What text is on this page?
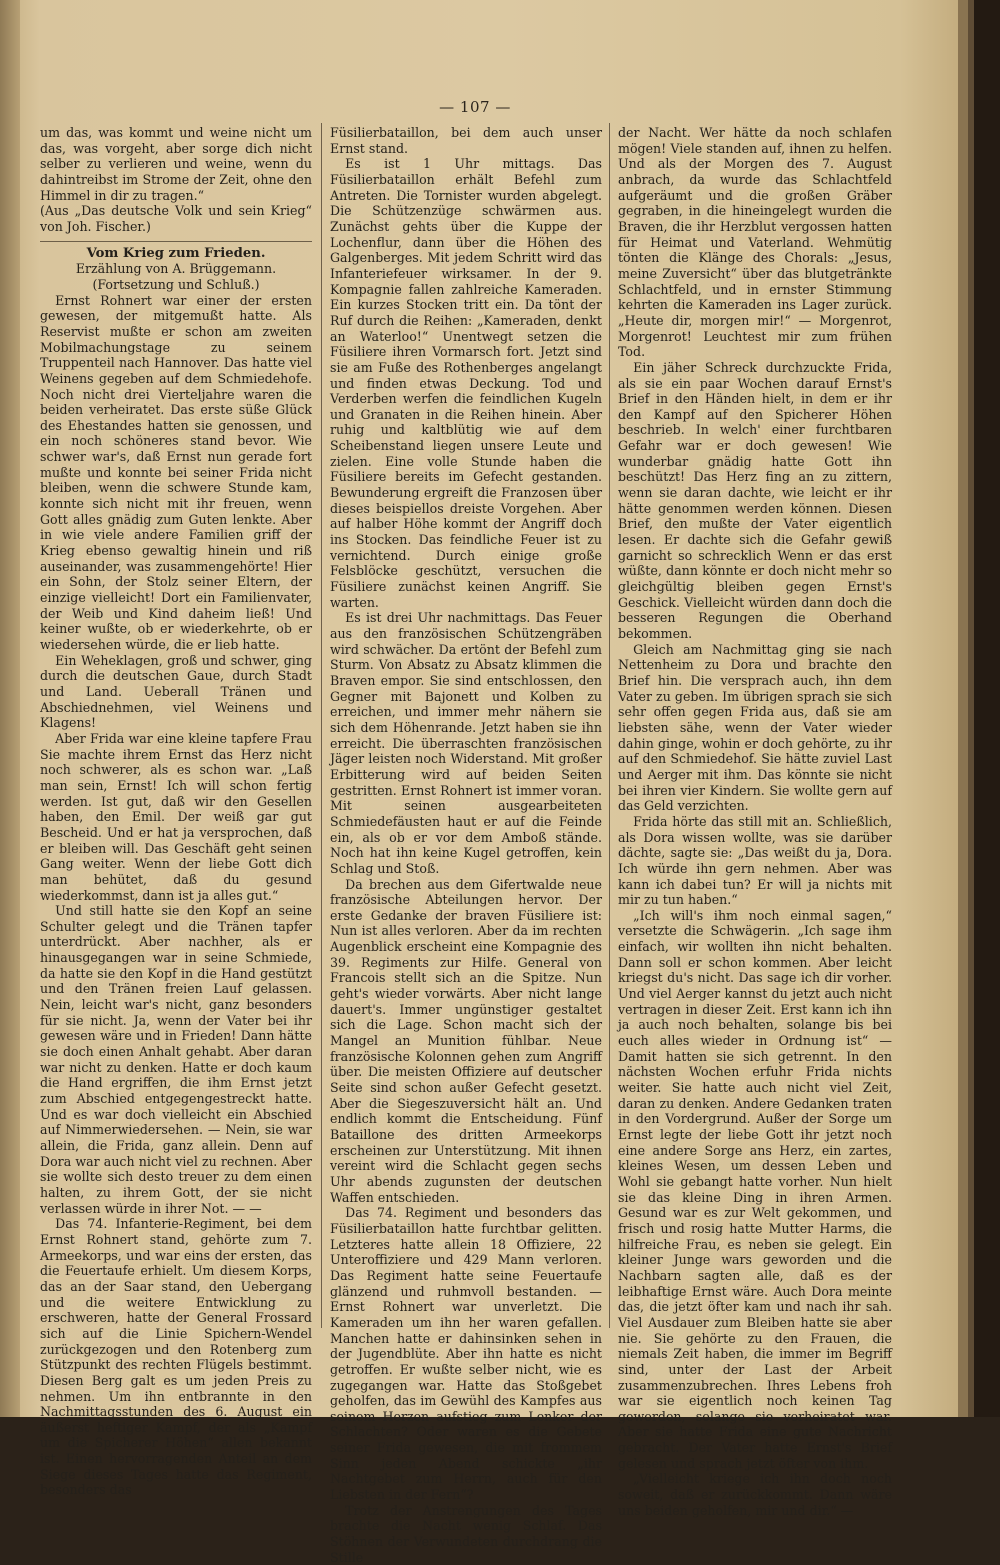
— 107 —

um das, was kommt und weine nicht um das, was vorgeht, aber sorge dich nicht selber zu verlieren und weine, wenn du dahintreibst im Strome der Zeit, ohne den Himmel in dir zu tragen.“

(Aus „Das deutsche Volk und sein Krieg“ von Joh. Fischer.)

Vom Krieg zum Frieden.

Erzählung von A. Brüggemann.

(Fortsetzung und Schluß.)

Ernst Rohnert war einer der ersten gewesen, der mitgemußt hatte. Als Reservist mußte er schon am zweiten Mobilmachungstage zu seinem Truppenteil nach Hannover. Das hatte viel Weinens gegeben auf dem Schmiedehofe. Noch nicht drei Vierteljahre waren die beiden verheiratet. Das erste süße Glück des Ehestandes hatten sie genossen, und ein noch schöneres stand bevor. Wie schwer war's, daß Ernst nun gerade fort mußte und konnte bei seiner Frida nicht bleiben, wenn die schwere Stunde kam, konnte sich nicht mit ihr freuen, wenn Gott alles gnädig zum Guten lenkte. Aber in wie viele andere Familien griff der Krieg ebenso gewaltig hinein und riß auseinander, was zusammengehörte! Hier ein Sohn, der Stolz seiner Eltern, der einzige vielleicht! Dort ein Familienvater, der Weib und Kind daheim ließ! Und keiner wußte, ob er wiederkehrte, ob er wiedersehen würde, die er lieb hatte.

Ein Weheklagen, groß und schwer, ging durch die deutschen Gaue, durch Stadt und Land. Ueberall Tränen und Abschiednehmen, viel Weinens und Klagens!

Aber Frida war eine kleine tapfere Frau Sie machte ihrem Ernst das Herz nicht noch schwerer, als es schon war. „Laß man sein, Ernst! Ich will schon fertig werden. Ist gut, daß wir den Gesellen haben, den Emil. Der weiß gar gut Bescheid. Und er hat ja versprochen, daß er bleiben will. Das Geschäft geht seinen Gang weiter. Wenn der liebe Gott dich man behütet, daß du gesund wiederkommst, dann ist ja alles gut.“

Und still hatte sie den Kopf an seine Schulter gelegt und die Tränen tapfer unterdrückt. Aber nachher, als er hinausgegangen war in seine Schmiede, da hatte sie den Kopf in die Hand gestützt und den Tränen freien Lauf gelassen. Nein, leicht war's nicht, ganz besonders für sie nicht. Ja, wenn der Vater bei ihr gewesen wäre und in Frieden! Dann hätte sie doch einen Anhalt gehabt. Aber daran war nicht zu denken. Hatte er doch kaum die Hand ergriffen, die ihm Ernst jetzt zum Abschied entgegengestreckt hatte. Und es war doch vielleicht ein Abschied auf Nimmerwiedersehen. — Nein, sie war allein, die Frida, ganz allein. Denn auf Dora war auch nicht viel zu rechnen. Aber sie wollte sich desto treuer zu dem einen halten, zu ihrem Gott, der sie nicht verlassen würde in ihrer Not. — —

Das 74. Infanterie-Regiment, bei dem Ernst Rohnert stand, gehörte zum 7. Armeekorps, und war eins der ersten, das die Feuertaufe erhielt. Um diesem Korps, das an der Saar stand, den Uebergang und die weitere Entwicklung zu erschweren, hatte der General Frossard sich auf die Linie Spichern-Wendel zurückgezogen und den Rotenberg zum Stützpunkt des rechten Flügels bestimmt. Diesen Berg galt es um jeden Preis zu nehmen. Um ihn entbrannte in den Nachmittagsstunden des 6. August ein äußerst heftiger Kampf, der als „Kampf um die Spicherer Höhen“ allen bekannt ist. Einen hervorragenden Anteil an dem Siege dieses Tages hatte das Regiment, besonders das

Füsilierbataillon, bei dem auch unser Ernst stand.

Es ist 1 Uhr mittags. Das Füsilierbataillon erhält Befehl zum Antreten. Die Tornister wurden abgelegt. Die Schützenzüge schwärmen aus. Zunächst gehts über die Kuppe der Lochenflur, dann über die Höhen des Galgenberges. Mit jedem Schritt wird das Infanteriefeuer wirksamer. In der 9. Kompagnie fallen zahlreiche Kameraden. Ein kurzes Stocken tritt ein. Da tönt der Ruf durch die Reihen: „Kameraden, denkt an Waterloo!“ Unentwegt setzen die Füsiliere ihren Vormarsch fort. Jetzt sind sie am Fuße des Rothenberges angelangt und finden etwas Deckung. Tod und Verderben werfen die feindlichen Kugeln und Granaten in die Reihen hinein. Aber ruhig und kaltblütig wie auf dem Scheibenstand liegen unsere Leute und zielen. Eine volle Stunde haben die Füsiliere bereits im Gefecht gestanden. Bewunderung ergreift die Franzosen über dieses beispiellos dreiste Vorgehen. Aber auf halber Höhe kommt der Angriff doch ins Stocken. Das feindliche Feuer ist zu vernichtend. Durch einige große Felsblöcke geschützt, versuchen die Füsiliere zunächst keinen Angriff. Sie warten.

Es ist drei Uhr nachmittags. Das Feuer aus den französischen Schützengräben wird schwächer. Da ertönt der Befehl zum Sturm. Von Absatz zu Absatz klimmen die Braven empor. Sie sind entschlossen, den Gegner mit Bajonett und Kolben zu erreichen, und immer mehr nähern sie sich dem Höhenrande. Jetzt haben sie ihn erreicht. Die überraschten französischen Jäger leisten noch Widerstand. Mit großer Erbitterung wird auf beiden Seiten gestritten. Ernst Rohnert ist immer voran. Mit seinen ausgearbeiteten Schmiedefäusten haut er auf die Feinde ein, als ob er vor dem Amboß stände. Noch hat ihn keine Kugel getroffen, kein Schlag und Stoß.

Da brechen aus dem Gifertwalde neue französische Abteilungen hervor. Der erste Gedanke der braven Füsiliere ist: Nun ist alles verloren. Aber da im rechten Augenblick erscheint eine Kompagnie des 39. Regiments zur Hilfe. General von Francois stellt sich an die Spitze. Nun geht's wieder vorwärts. Aber nicht lange dauert's. Immer ungünstiger gestaltet sich die Lage. Schon macht sich der Mangel an Munition fühlbar. Neue französische Kolonnen gehen zum Angriff über. Die meisten Offiziere auf deutscher Seite sind schon außer Gefecht gesetzt. Aber die Siegeszuversicht hält an. Und endlich kommt die Entscheidung. Fünf Bataillone des dritten Armeekorps erscheinen zur Unterstützung. Mit ihnen vereint wird die Schlacht gegen sechs Uhr abends zugunsten der deutschen Waffen entschieden.

Das 74. Regiment und besonders das Füsilierbataillon hatte furchtbar gelitten. Letzteres hatte allein 18 Offiziere, 22 Unteroffiziere und 429 Mann verloren. Das Regiment hatte seine Feuertaufe glänzend und ruhmvoll bestanden. — Ernst Rohnert war unverletzt. Die Kameraden um ihn her waren gefallen. Manchen hatte er dahinsinken sehen in der Jugendblüte. Aber ihn hatte es nicht getroffen. Er wußte selber nicht, wie es zugegangen war. Hatte das Stoßgebet geholfen, das im Gewühl des Kampfes aus seinem Herzen aufstieg zum Lenker der Schlachten? Oder waren es die Gebete seiner Frida gewesen, die mit frommem Sinn jeden Abend schickte „ihr Nachtgebet zum Herrn, auch für den Liebsten in der Fern“?

Trotz der Anstrengungen des Tages brachte die Nacht wenig Schlaf. Das Stöhnen der Verwundeten durchdrang die Stille

der Nacht. Wer hätte da noch schlafen mögen! Viele standen auf, ihnen zu helfen. Und als der Morgen des 7. August anbrach, da wurde das Schlachtfeld aufgeräumt und die großen Gräber gegraben, in die hineingelegt wurden die Braven, die ihr Herzblut vergossen hatten für Heimat und Vaterland. Wehmütig tönten die Klänge des Chorals: „Jesus, meine Zuversicht“ über das blutgetränkte Schlachtfeld, und in ernster Stimmung kehrten die Kameraden ins Lager zurück. „Heute dir, morgen mir!“ — Morgenrot, Morgenrot! Leuchtest mir zum frühen Tod.

Ein jäher Schreck durchzuckte Frida, als sie ein paar Wochen darauf Ernst's Brief in den Händen hielt, in dem er ihr den Kampf auf den Spicherer Höhen beschrieb. In welch' einer furchtbaren Gefahr war er doch gewesen! Wie wunderbar gnädig hatte Gott ihn beschützt! Das Herz fing an zu zittern, wenn sie daran dachte, wie leicht er ihr hätte genommen werden können. Diesen Brief, den mußte der Vater eigentlich lesen. Er dachte sich die Gefahr gewiß garnicht so schrecklich Wenn er das erst wüßte, dann könnte er doch nicht mehr so gleichgültig bleiben gegen Ernst's Geschick. Vielleicht würden dann doch die besseren Regungen die Oberhand bekommen.

Gleich am Nachmittag ging sie nach Nettenheim zu Dora und brachte den Brief hin. Die versprach auch, ihn dem Vater zu geben. Im übrigen sprach sie sich sehr offen gegen Frida aus, daß sie am liebsten sähe, wenn der Vater wieder dahin ginge, wohin er doch gehörte, zu ihr auf den Schmiedehof. Sie hätte zuviel Last und Aerger mit ihm. Das könnte sie nicht bei ihren vier Kindern. Sie wollte gern auf das Geld verzichten.

Frida hörte das still mit an. Schließlich, als Dora wissen wollte, was sie darüber dächte, sagte sie: „Das weißt du ja, Dora. Ich würde ihn gern nehmen. Aber was kann ich dabei tun? Er will ja nichts mit mir zu tun haben.“

„Ich will's ihm noch einmal sagen,“ versetzte die Schwägerin. „Ich sage ihm einfach, wir wollten ihn nicht behalten. Dann soll er schon kommen. Aber leicht kriegst du's nicht. Das sage ich dir vorher. Und viel Aerger kannst du jetzt auch nicht vertragen in dieser Zeit. Erst kann ich ihn ja auch noch behalten, solange bis bei euch alles wieder in Ordnung ist“ — Damit hatten sie sich getrennt. In den nächsten Wochen erfuhr Frida nichts weiter. Sie hatte auch nicht viel Zeit, daran zu denken. Andere Gedanken traten in den Vordergrund. Außer der Sorge um Ernst legte der liebe Gott ihr jetzt noch eine andere Sorge ans Herz, ein zartes, kleines Wesen, um dessen Leben und Wohl sie gebangt hatte vorher. Nun hielt sie das kleine Ding in ihren Armen. Gesund war es zur Welt gekommen, und frisch und rosig hatte Mutter Harms, die hilfreiche Frau, es neben sie gelegt. Ein kleiner Junge wars geworden und die Nachbarn sagten alle, daß es der leibhaftige Ernst wäre. Auch Dora meinte das, die jetzt öfter kam und nach ihr sah. Viel Ausdauer zum Bleiben hatte sie aber nie. Sie gehörte zu den Frauen, die niemals Zeit haben, die immer im Begriff sind, unter der Last der Arbeit zusammenzubrechen. Ihres Lebens froh war sie eigentlich noch keinen Tag geworden, solange sie verheiratet war. Aber sie hatte Frida eine gute Nachricht gebracht. Der Vater hatte Ernst's Brief gelesen und sprach jetzt öfter von ihm.

„Vielleicht kriege ich ihn doch noch soweit, daß er zurückkommt. Dann wäre uns beiden geholfen, mir und dir.“ —
